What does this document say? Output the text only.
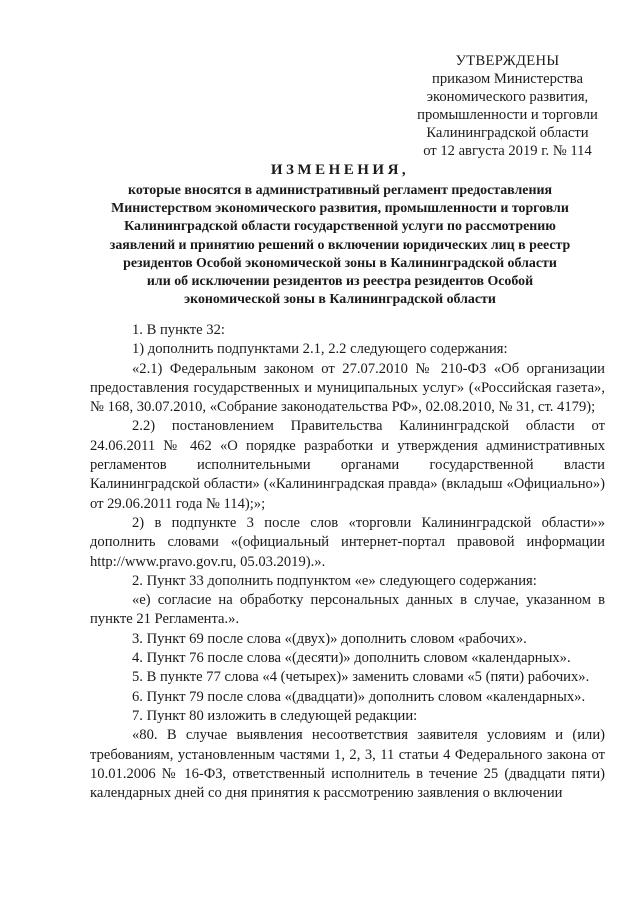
УТВЕРЖДЕНЫ
приказом Министерства
экономического развития,
промышленности и торговли
Калининградской области
от 12 августа 2019 г. № 114
ИЗМЕНЕНИЯ,
которые вносятся в административный регламент предоставления
Министерством экономического развития, промышленности и торговли
Калининградской области государственной услуги по рассмотрению
заявлений и принятию решений о включении юридических лиц в реестр
резидентов Особой экономической зоны в Калининградской области
или об исключении резидентов из реестра резидентов Особой
экономической зоны в Калининградской области

1. В пункте 32:

1) дополнить подпунктами 2.1, 2.2 следующего содержания:

«2.1) Федеральным законом от 27.07.2010 № 210-ФЗ «Об организации предоставления государственных и муниципальных услуг» («Российская газета», № 168, 30.07.2010, «Собрание законодательства РФ», 02.08.2010, № 31, ст. 4179);

2.2) постановлением Правительства Калининградской области от 24.06.2011 № 462 «О порядке разработки и утверждения административных регламентов исполнительными органами государственной власти Калининградской области» («Калининградская правда» (вкладыш «Официально») от 29.06.2011 года № 114);»;

2) в подпункте 3 после слов «торговли Калининградской области»» дополнить словами «(официальный интернет-портал правовой информации http://www.pravo.gov.ru, 05.03.2019).».

2. Пункт 33 дополнить подпунктом «е» следующего содержания:

«е) согласие на обработку персональных данных в случае, указанном в пункте 21 Регламента.».

3. Пункт 69 после слова «(двух)» дополнить словом «рабочих».

4. Пункт 76 после слова «(десяти)» дополнить словом «календарных».

5. В пункте 77 слова «4 (четырех)» заменить словами «5 (пяти) рабочих».

6. Пункт 79 после слова «(двадцати)» дополнить словом «календарных».

7. Пункт 80 изложить в следующей редакции:

«80. В случае выявления несоответствия заявителя условиям и (или) требованиям, установленным частями 1, 2, 3, 11 статьи 4 Федерального закона от 10.01.2006 № 16-ФЗ, ответственный исполнитель в течение 25 (двадцати пяти) календарных дней со дня принятия к рассмотрению заявления о включении
